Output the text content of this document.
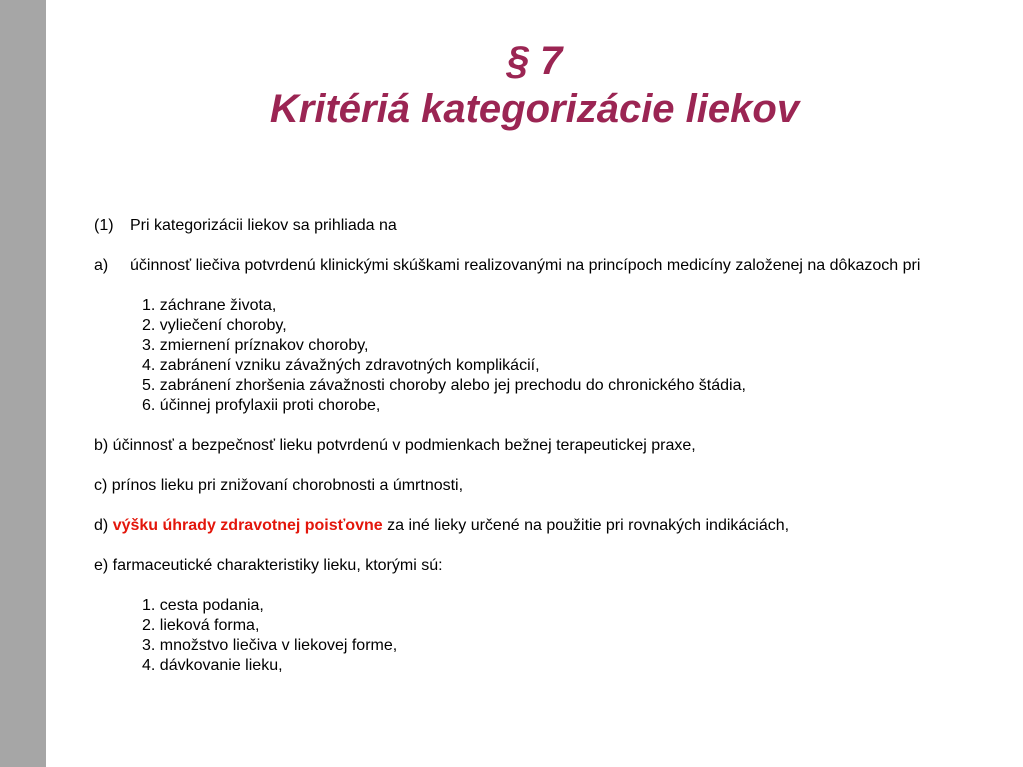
§ 7
Kritériá kategorizácie liekov
(1)	Pri kategorizácii liekov sa prihliada na
a)	účinnosť liečiva potvrdenú klinickými skúškami realizovanými na princípoch medicíny založenej na dôkazoch pri
1. záchrane života,
2. vyliečení choroby,
3. zmiernení príznakov choroby,
4. zabránení vzniku závažných zdravotných komplikácií,
5. zabránení zhoršenia závažnosti choroby alebo jej prechodu do chronického štádia,
6. účinnej profylaxii proti chorobe,
b) účinnosť a bezpečnosť lieku potvrdenú v podmienkach bežnej terapeutickej praxe,
c) prínos lieku pri znižovaní chorobnosti a úmrtnosti,
d) výšku úhrady zdravotnej poisťovne za iné lieky určené na použitie pri rovnakých indikáciách,
e) farmaceutické charakteristiky lieku, ktorými sú:
1. cesta podania,
2. lieková forma,
3. množstvo liečiva v liekovej forme,
4. dávkovanie lieku,
